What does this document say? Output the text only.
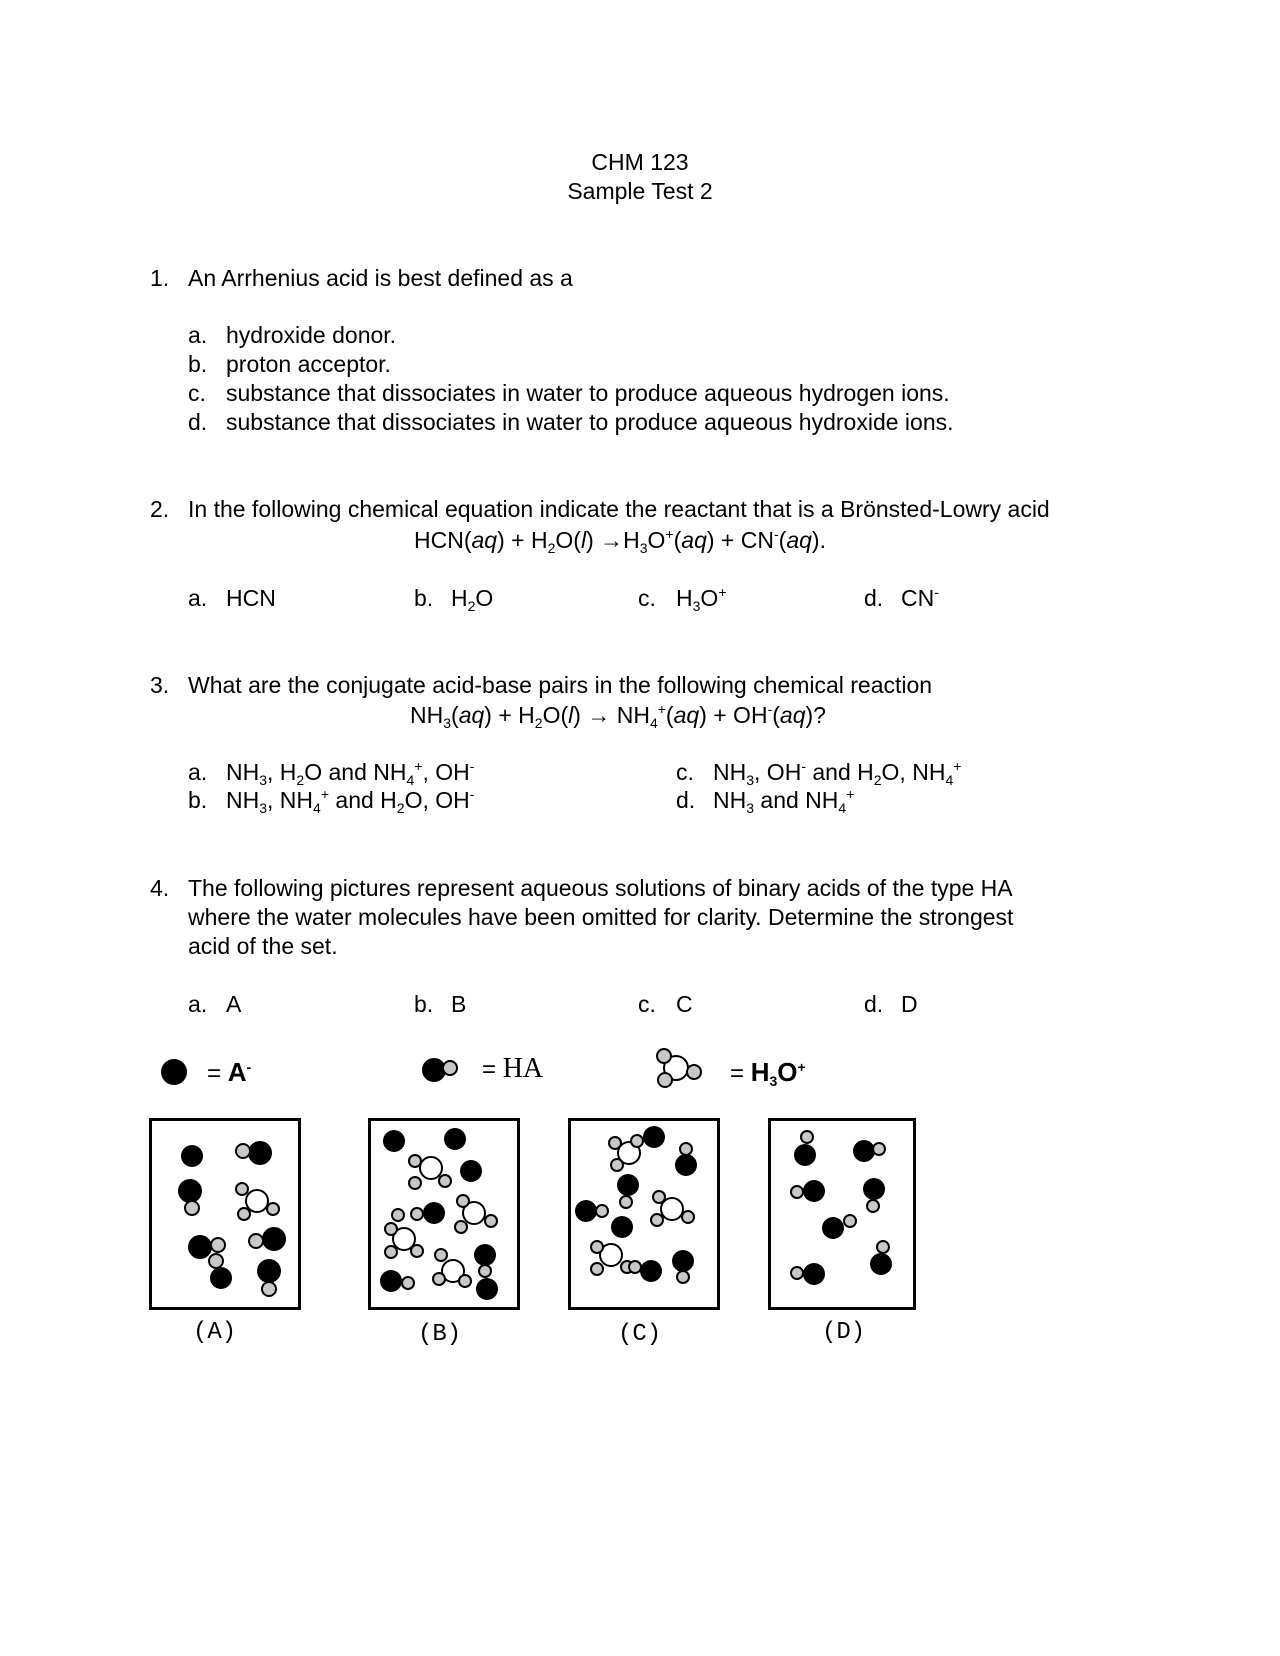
CHM 123
Sample Test 2
1. An Arrhenius acid is best defined as a
a. hydroxide donor.
b. proton acceptor.
c. substance that dissociates in water to produce aqueous hydrogen ions.
d. substance that dissociates in water to produce aqueous hydroxide ions.
2. In the following chemical equation indicate the reactant that is a Brönsted-Lowry acid
$HCN(aq) + H_2O(l) \to H_3O^+(aq) + CN^-(aq)$.
a. HCN	b. $H_2O$	c. $H_3O^+$	d. CN-
3. What are the conjugate acid-base pairs in the following chemical reaction
$NH_3(aq) + H_2O(l) \to NH_4^+(aq) + OH^-(aq)$?
a. $NH_3$, $H_2O$ and $NH_4^+$, OH-
b. $NH_3$, $NH_4^+$ and $H_2O$, OH-
c. $NH_3$, OH- and $H_2O$, $NH_4^+$
d. $NH_3$ and $NH_4^+$
4. The following pictures represent aqueous solutions of binary acids of the type HA
where the water molecules have been omitted for clarity. Determine the strongest
acid of the set.
a. A	b. B	c. C	d. D
= A-	= HA	= $H_3O^+$
(A)	(B)	(C)	(D)
